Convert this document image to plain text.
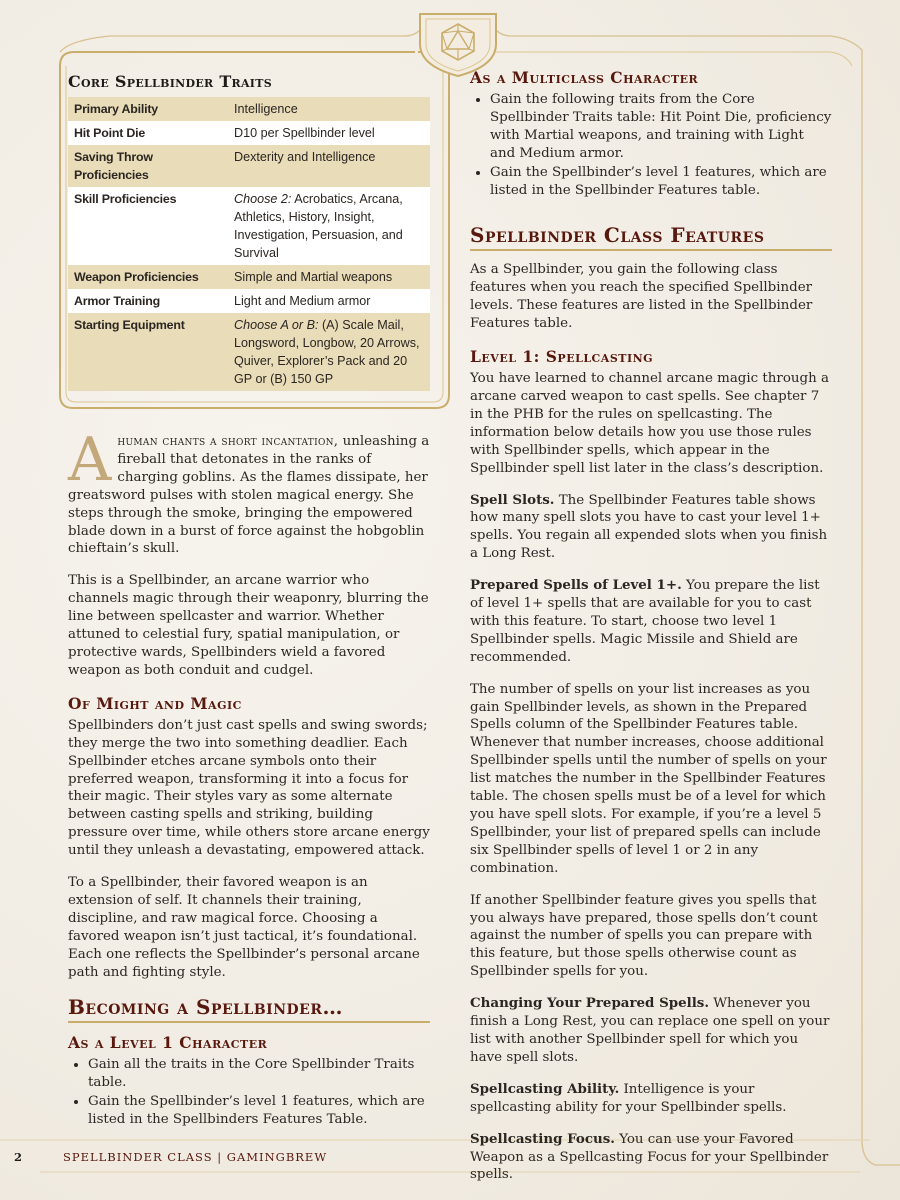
Core Spellbinder Traits
Primary Ability	Intelligence
Hit Point Die	D10 per Spellbinder level
Saving Throw Proficiencies	Dexterity and Intelligence
Skill Proficiencies	Choose 2: Acrobatics, Arcana, Athletics, History, Insight, Investigation, Persuasion, and Survival
Weapon Proficiencies	Simple and Martial weapons
Armor Training	Light and Medium armor
Starting Equipment	Choose A or B: (A) Scale Mail, Longsword, Longbow, 20 Arrows, Quiver, Explorer’s Pack and 20 GP or (B) 150 GP

A human chants a short incantation, unleashing a fireball that detonates in the ranks of charging goblins. As the flames dissipate, her greatsword pulses with stolen magical energy. She steps through the smoke, bringing the empowered blade down in a burst of force against the hobgoblin chieftain’s skull.

This is a Spellbinder, an arcane warrior who channels magic through their weaponry, blurring the line between spellcaster and warrior. Whether attuned to celestial fury, spatial manipulation, or protective wards, Spellbinders wield a favored weapon as both conduit and cudgel.

Of Might and Magic

Spellbinders don’t just cast spells and swing swords; they merge the two into something deadlier. Each Spellbinder etches arcane symbols onto their preferred weapon, transforming it into a focus for their magic. Their styles vary as some alternate between casting spells and striking, building pressure over time, while others store arcane energy until they unleash a devastating, empowered attack.

To a Spellbinder, their favored weapon is an extension of self. It channels their training, discipline, and raw magical force. Choosing a favored weapon isn’t just tactical, it’s foundational. Each one reflects the Spellbinder’s personal arcane path and fighting style.

Becoming a Spellbinder…
As a Level 1 Character
• Gain all the traits in the Core Spellbinder Traits table.
• Gain the Spellbinder’s level 1 features, which are listed in the Spellbinders Features Table.
As a Multiclass Character
• Gain the following traits from the Core Spellbinder Traits table: Hit Point Die, proficiency with Martial weapons, and training with Light and Medium armor.
• Gain the Spellbinder’s level 1 features, which are listed in the Spellbinder Features table.
Spellbinder Class Features

As a Spellbinder, you gain the following class features when you reach the specified Spellbinder levels. These features are listed in the Spellbinder Features table.

Level 1: Spellcasting

You have learned to channel arcane magic through a arcane carved weapon to cast spells. See chapter 7 in the PHB for the rules on spellcasting. The information below details how you use those rules with Spellbinder spells, which appear in the Spellbinder spell list later in the class’s description.

Spell Slots. The Spellbinder Features table shows how many spell slots you have to cast your level 1+ spells. You regain all expended slots when you finish a Long Rest.

Prepared Spells of Level 1+. You prepare the list of level 1+ spells that are available for you to cast with this feature. To start, choose two level 1 Spellbinder spells. Magic Missile and Shield are recommended.

The number of spells on your list increases as you gain Spellbinder levels, as shown in the Prepared Spells column of the Spellbinder Features table. Whenever that number increases, choose additional Spellbinder spells until the number of spells on your list matches the number in the Spellbinder Features table. The chosen spells must be of a level for which you have spell slots. For example, if you’re a level 5 Spellbinder, your list of prepared spells can include six Spellbinder spells of level 1 or 2 in any combination.

If another Spellbinder feature gives you spells that you always have prepared, those spells don’t count against the number of spells you can prepare with this feature, but those spells otherwise count as Spellbinder spells for you.

Changing Your Prepared Spells. Whenever you finish a Long Rest, you can replace one spell on your list with another Spellbinder spell for which you have spell slots.

Spellcasting Ability. Intelligence is your spellcasting ability for your Spellbinder spells.

Spellcasting Focus. You can use your Favored Weapon as a Spellcasting Focus for your Spellbinder spells.

2	SPELLBINDER CLASS | GAMINGBREW
